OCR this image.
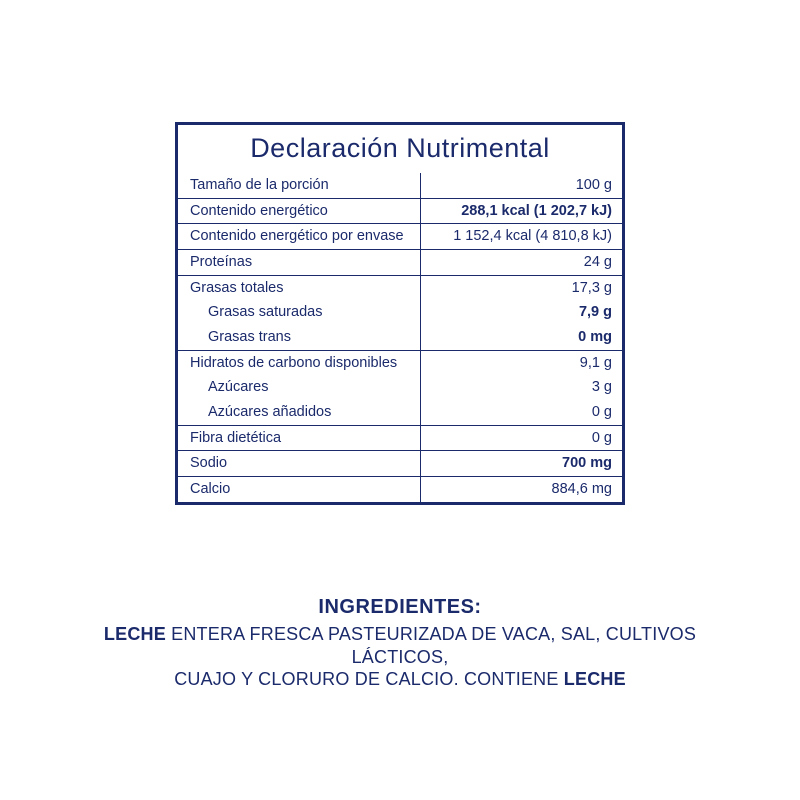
Declaración Nutrimental
Tamaño de la porción	100 g
Contenido energético	288,1 kcal (1 202,7 kJ)
Contenido energético por envase	1 152,4 kcal (4 810,8 kJ)
Proteínas	24 g
Grasas totales	17,3 g
Grasas saturadas	7,9 g
Grasas trans	0 mg
Hidratos de carbono disponibles	9,1 g
Azúcares	3 g
Azúcares añadidos	0 g
Fibra dietética	0 g
Sodio	700 mg
Calcio	884,6 mg
INGREDIENTES:
LECHE ENTERA FRESCA PASTEURIZADA DE VACA, SAL, CULTIVOS LÁCTICOS,
CUAJO Y CLORURO DE CALCIO. CONTIENE LECHE
